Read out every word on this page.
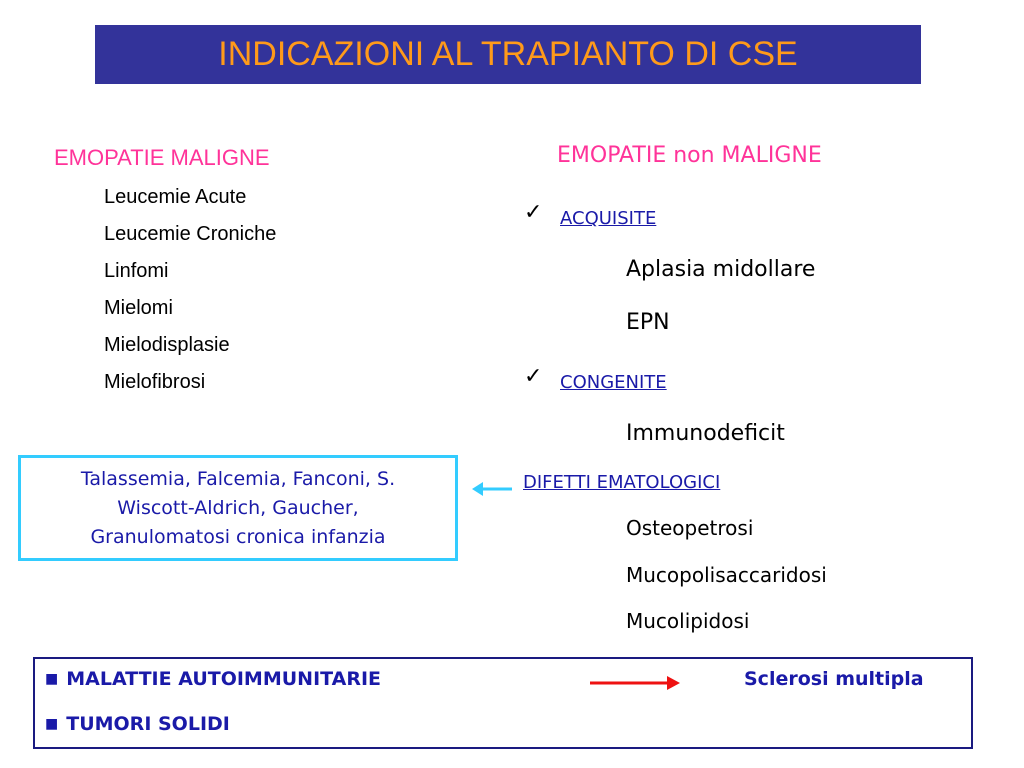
INDICAZIONI AL TRAPIANTO DI CSE
EMOPATIE MALIGNE
Leucemie Acute
Leucemie Croniche
Linfomi
Mielomi
Mielodisplasie
Mielofibrosi
EMOPATIE non MALIGNE
✓ ACQUISITE
Aplasia midollare
EPN
✓ CONGENITE
Immunodeficit
DIFETTI EMATOLOGICI
Osteopetrosi
Mucopolisaccaridosi
Mucolipidosi
Talassemia, Falcemia, Fanconi, S.
Wiscott-Aldrich, Gaucher,
Granulomatosi cronica infanzia
■ MALATTIE AUTOIMMUNITARIE	Sclerosi multipla
■ TUMORI SOLIDI
